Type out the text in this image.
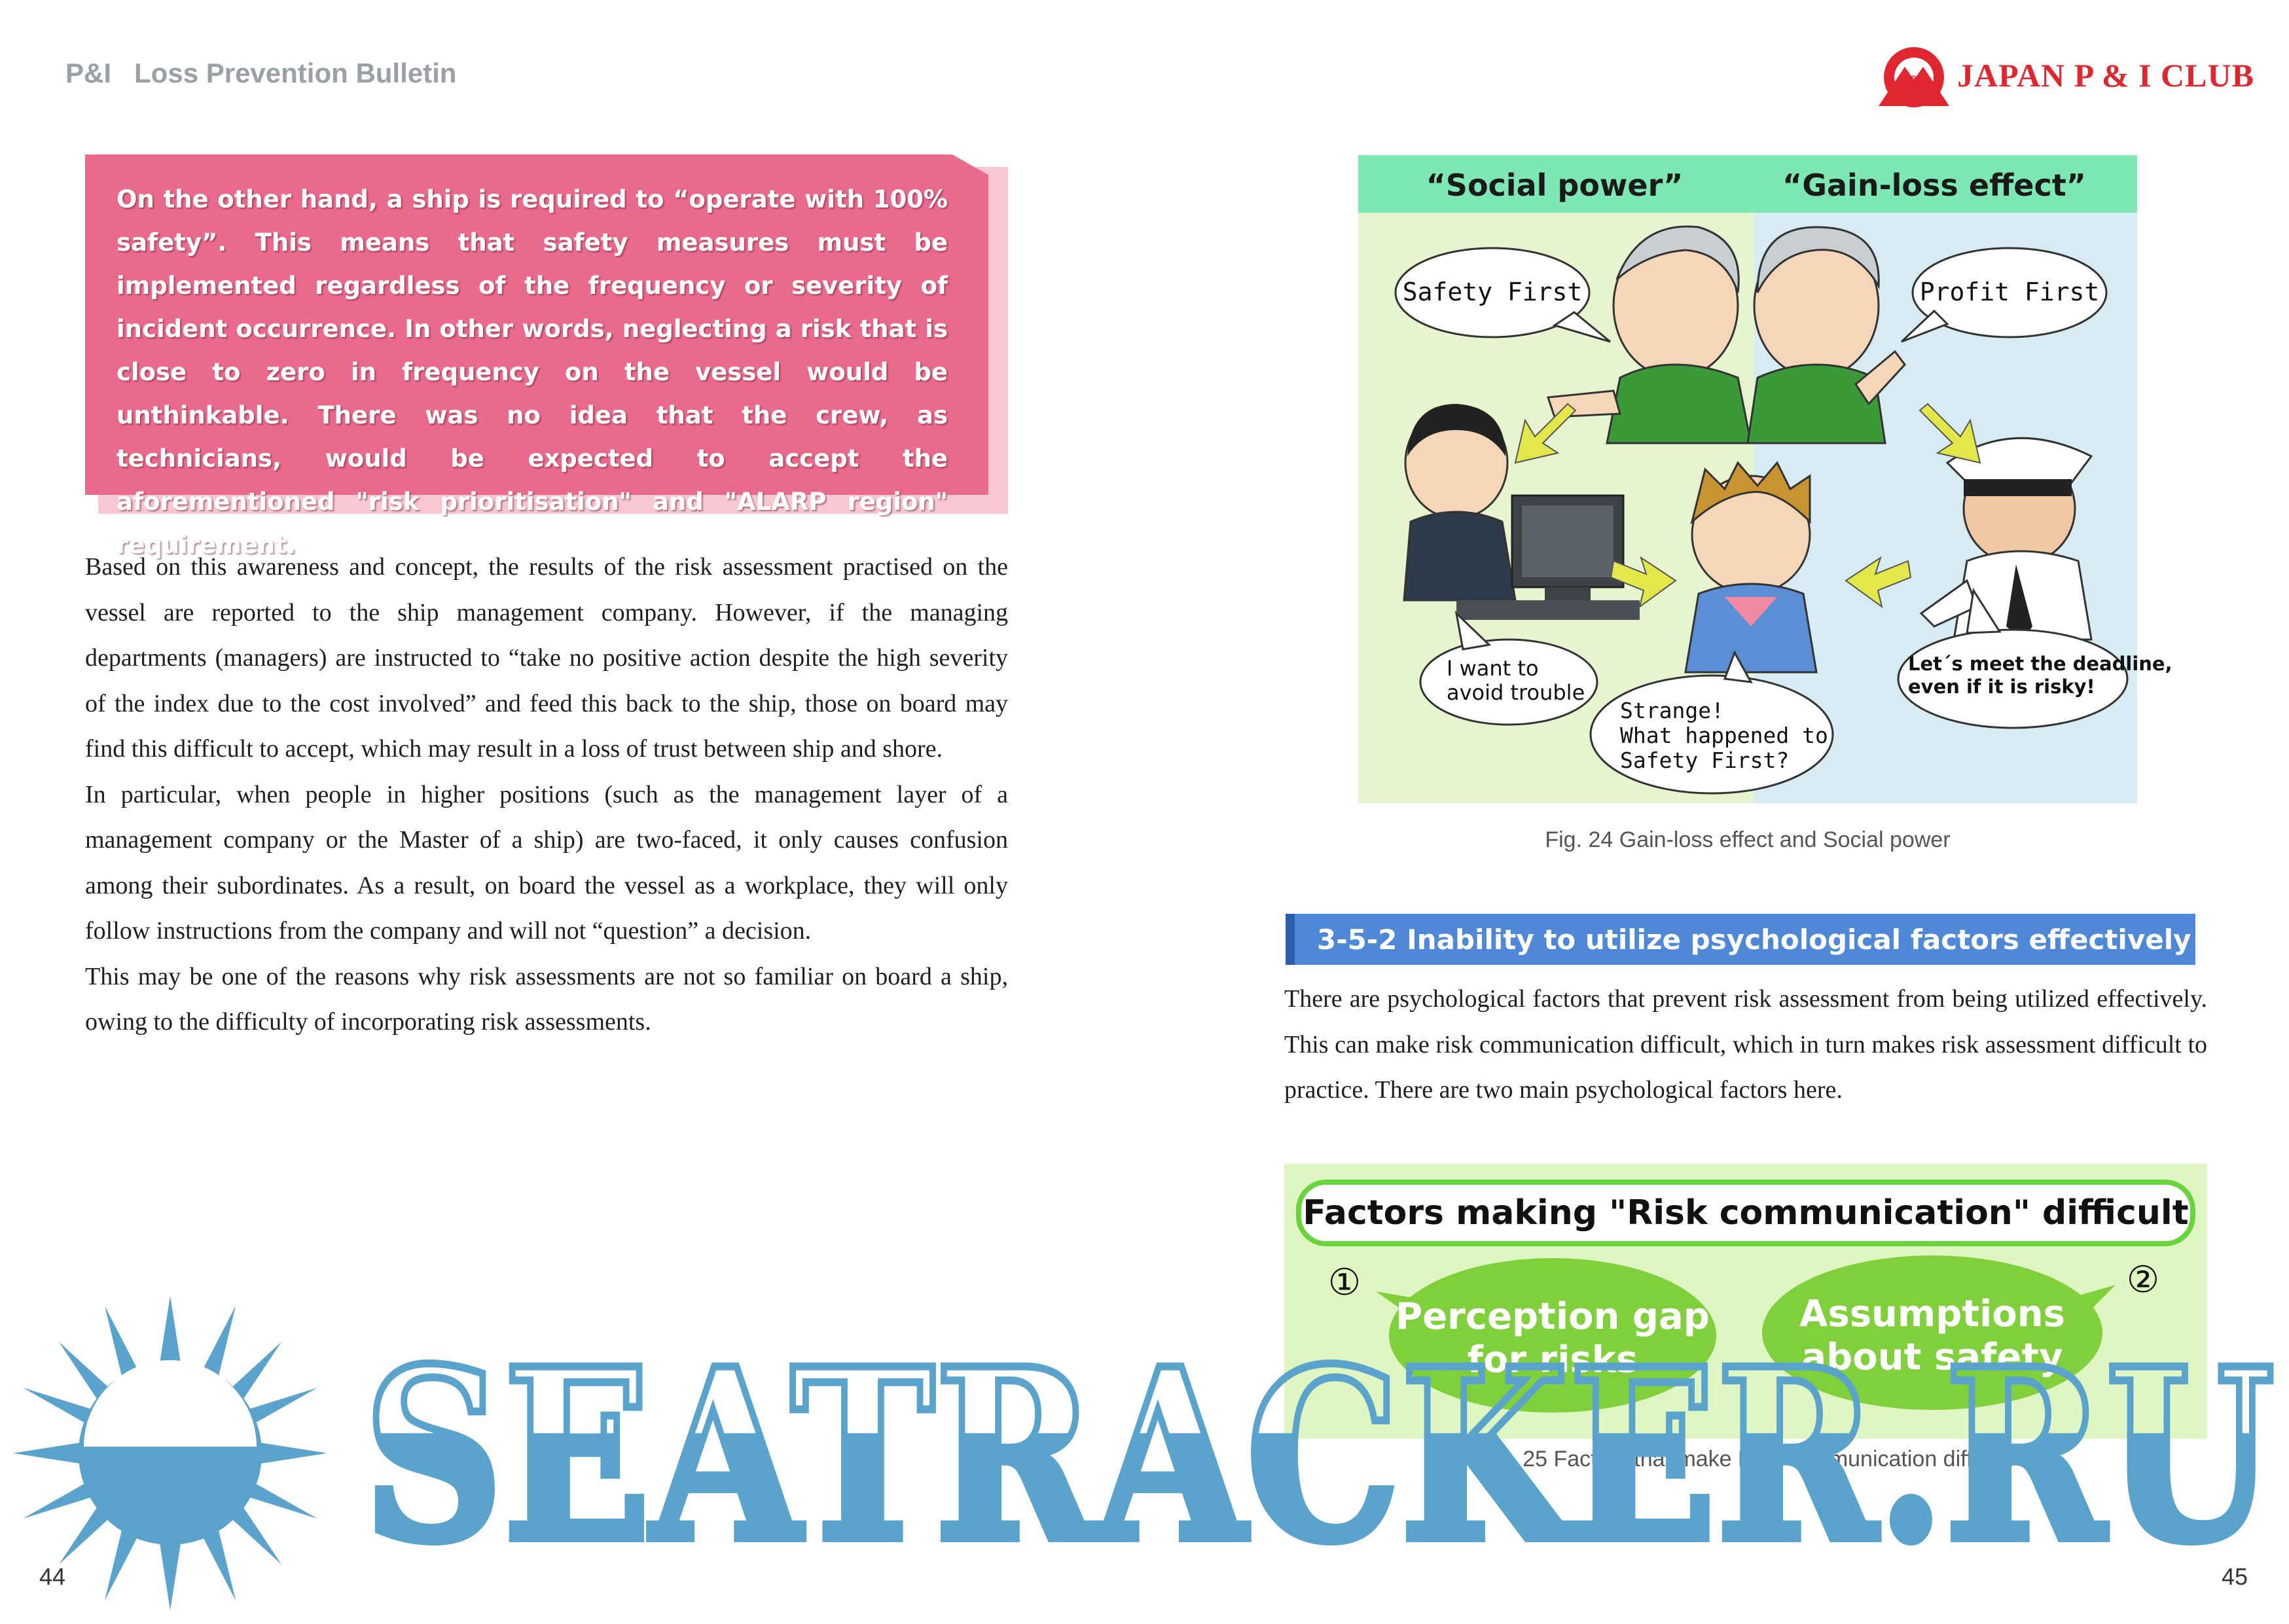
P&I   Loss Prevention Bulletin	JAPAN JAPAN P & I CLUB
On the other hand, a ship is required to “operate with 100% safety”. This means that safety measures must be implemented regardless of the frequency or severity of incident occurrence. In other words, neglecting a risk that is close to zero in frequency on the vessel would be unthinkable. There was no idea that the crew, as technicians, would be expected to accept the aforementioned "risk prioritisation" and "ALARP region" requirement.

Based on this awareness and concept, the results of the risk assessment practised on the vessel are reported to the ship management company. However, if the managing departments (managers) are instructed to “take no positive action despite the high severity of the index due to the cost involved” and feed this back to the ship, those on board may find this difficult to accept, which may result in a loss of trust between ship and shore.

In particular, when people in higher positions (such as the management layer of a management company or the Master of a ship) are two-faced, it only causes confusion among their subordinates. As a result, on board the vessel as a workplace, they will only follow instructions from the company and will not “question” a decision.

This may be one of the reasons why risk assessments are not so familiar on board a ship, owing to the difficulty of incorporating risk assessments.

“Social power”	“Gain-loss effect”
Safety First	Profit First
I want to
avoid trouble
Strange!
What happened to
Safety First?
Let´s meet the deadline,
even if it is risky!
Fig. 24 Gain-loss effect and Social power
3-5-2 Inability to utilize psychological factors effectively
There are psychological factors that prevent risk assessment from being utilized effectively. This can make risk communication difficult, which in turn makes risk assessment difficult to practice. There are two main psychological factors here.
Factors making "Risk communication" difficult
①	②
Perception gap
for risks
Assumptions
about safety
Fig. 25 Factors that make Risk communication difficult
SEATRACKER.RU
44	45
